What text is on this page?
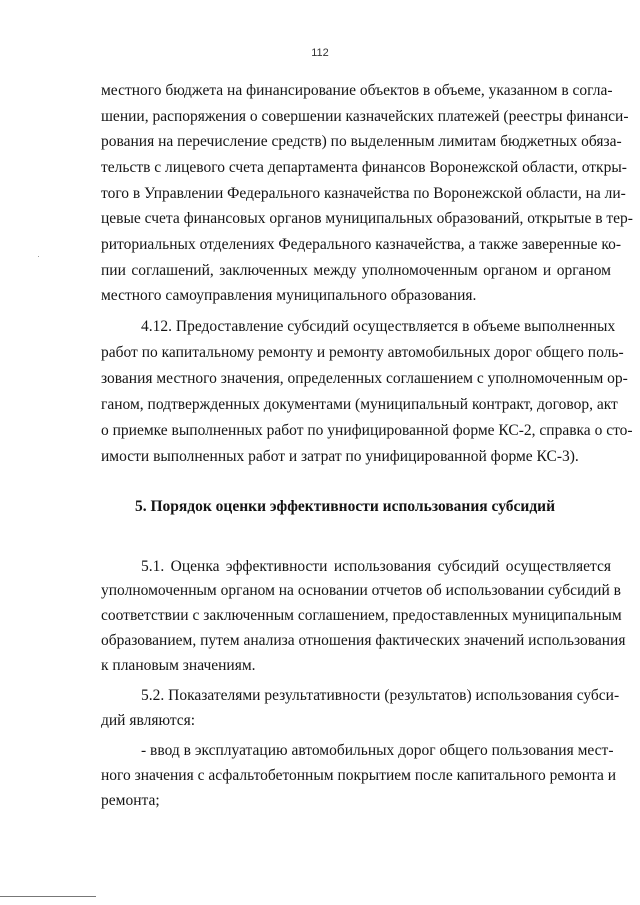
112
местного бюджета на финансирование объектов в объеме, указанном в согла-
шении, распоряжения о совершении казначейских платежей (реестры финанси-
рования на перечисление средств) по выделенным лимитам бюджетных обяза-
тельств с лицевого счета департамента финансов Воронежской области, откры-
того в Управлении Федерального казначейства по Воронежской области, на ли-
цевые счета финансовых органов муниципальных образований, открытые в тер-
риториальных отделениях Федерального казначейства, а также заверенные ко-
пии соглашений, заключенных между уполномоченным органом и органом
местного самоуправления муниципального образования.
4.12. Предоставление субсидий осуществляется в объеме выполненных
работ по капитальному ремонту и ремонту автомобильных дорог общего поль-
зования местного значения, определенных соглашением с уполномоченным ор-
ганом, подтвержденных документами (муниципальный контракт, договор, акт
о приемке выполненных работ по унифицированной форме КС-2, справка о сто-
имости выполненных работ и затрат по унифицированной форме КС-3).
5. Порядок оценки эффективности использования субсидий
5.1. Оценка эффективности использования субсидий осуществляется
уполномоченным органом на основании отчетов об использовании субсидий в
соответствии с заключенным соглашением, предоставленных муниципальным
образованием, путем анализа отношения фактических значений использования
к плановым значениям.
5.2. Показателями результативности (результатов) использования субси-
дий являются:
- ввод в эксплуатацию автомобильных дорог общего пользования мест-
ного значения с асфальтобетонным покрытием после капитального ремонта и
ремонта;
